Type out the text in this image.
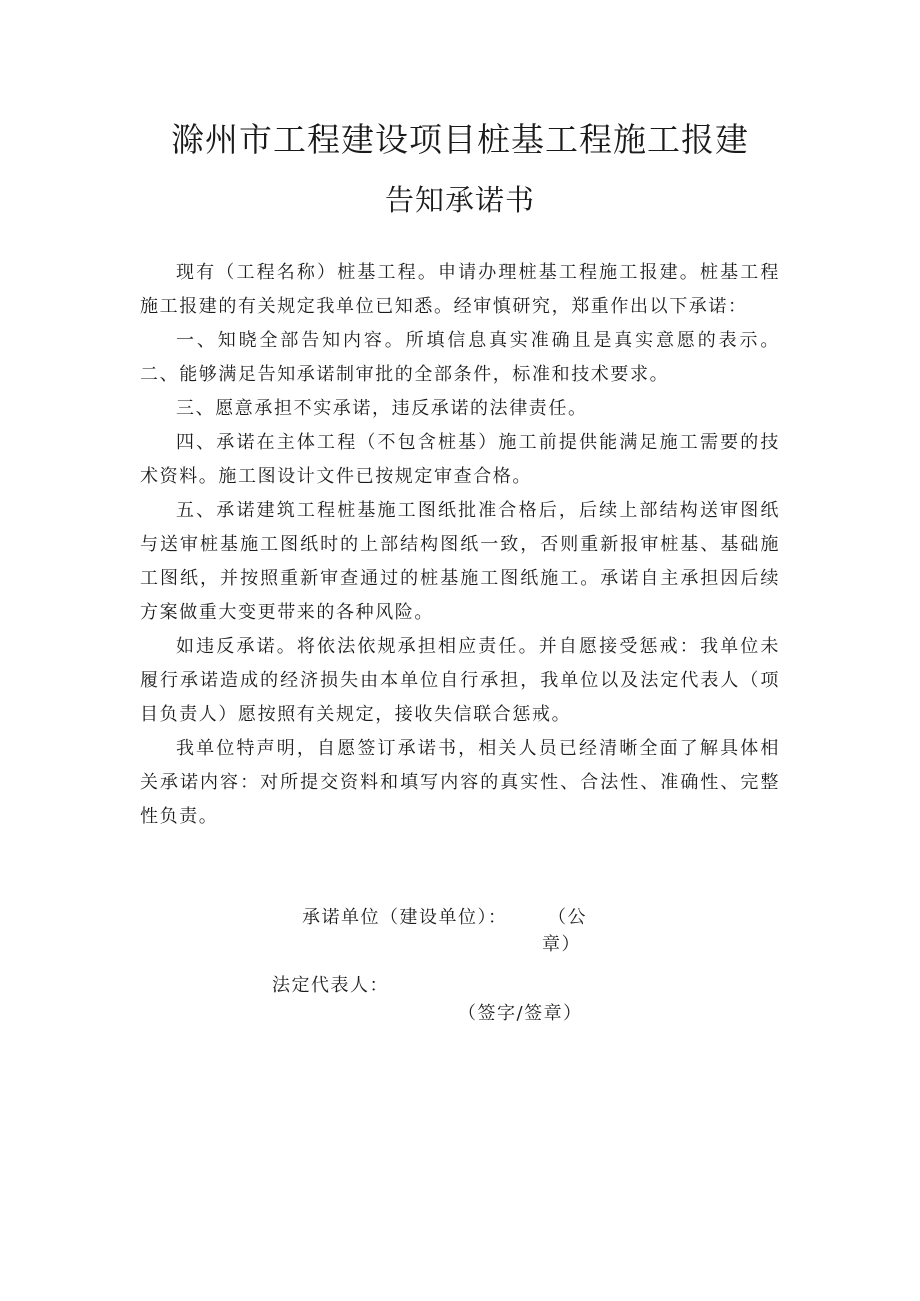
滁州市工程建设项目桩基工程施工报建
告知承诺书

现有（工程名称）桩基工程。申请办理桩基工程施工报建。桩基工程施工报建的有关规定我单位已知悉。经审慎研究，郑重作出以下承诺：

一、知晓全部告知内容。所填信息真实准确且是真实意愿的表示。二、能够满足告知承诺制审批的全部条件，标准和技术要求。

三、愿意承担不实承诺，违反承诺的法律责任。

四、承诺在主体工程（不包含桩基）施工前提供能满足施工需要的技术资料。施工图设计文件已按规定审查合格。

五、承诺建筑工程桩基施工图纸批准合格后，后续上部结构送审图纸与送审桩基施工图纸时的上部结构图纸一致，否则重新报审桩基、基础施工图纸，并按照重新审查通过的桩基施工图纸施工。承诺自主承担因后续方案做重大变更带来的各种风险。

如违反承诺。将依法依规承担相应责任。并自愿接受惩戒：我单位未履行承诺造成的经济损失由本单位自行承担，我单位以及法定代表人（项目负责人）愿按照有关规定，接收失信联合惩戒。

我单位特声明，自愿签订承诺书，相关人员已经清晰全面了解具体相关承诺内容：对所提交资料和填写内容的真实性、合法性、准确性、完整性负责。

承诺单位（建设单位）： （公
章）
法定代表人：
（签字/签章）
